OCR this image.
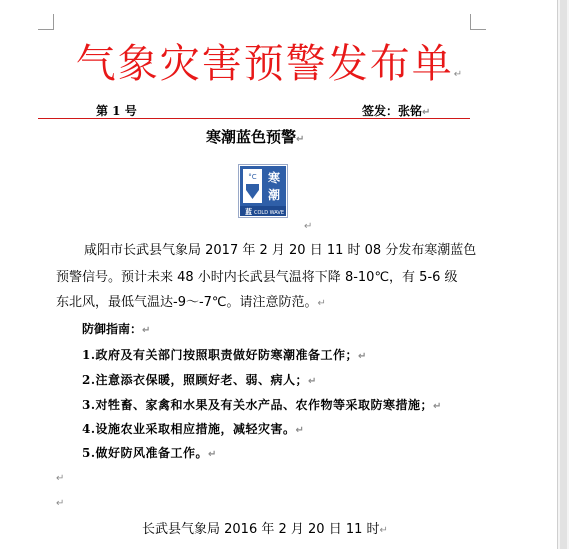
气象灾害预警发布单↵
第 1 号	签发：张铭↵
寒潮蓝色预警↵
°C 寒
潮
蓝 COLD WAVE
↵
咸阳市长武县气象局 2017 年 2 月 20 日 11 时 08 分发布寒潮蓝色
预警信号。预计未来 48 小时内长武县气温将下降 8-10℃，有 5-6 级
东北风，最低气温达-9～-7℃。请注意防范。↵
防御指南：↵
1.政府及有关部门按照职责做好防寒潮准备工作；↵
2.注意添衣保暖，照顾好老、弱、病人；↵
3.对牲畜、家禽和水果及有关水产品、农作物等采取防寒措施；↵
4.设施农业采取相应措施，减轻灾害。↵
5.做好防风准备工作。↵
↵
↵
长武县气象局 2016 年 2 月 20 日 11 时↵
